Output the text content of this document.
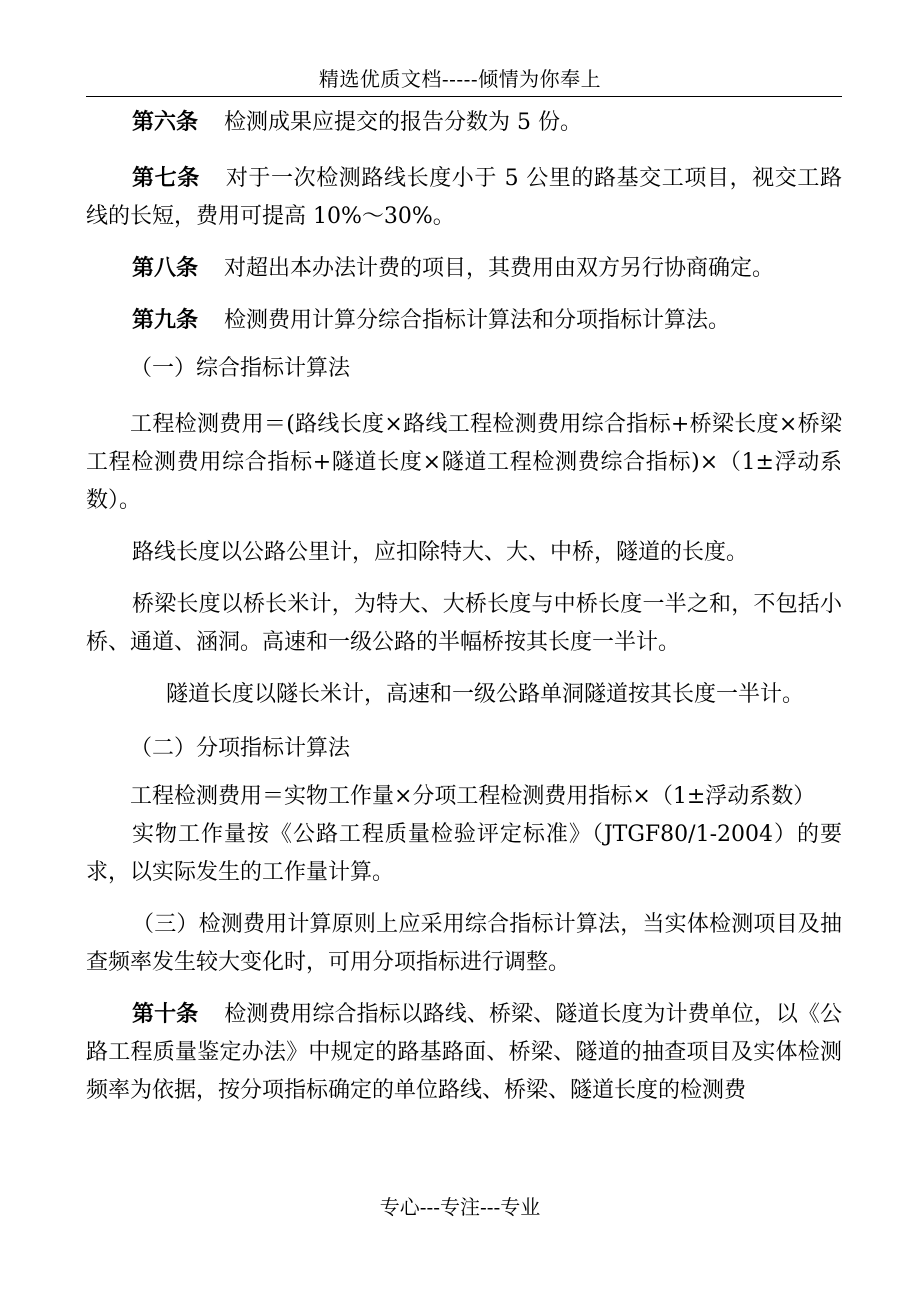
精选优质文档-----倾情为你奉上

第六条 检测成果应提交的报告分数为 5 份。

第七条 对于一次检测路线长度小于 5 公里的路基交工项目，视交工路线的长短，费用可提高 10%～30%。

第八条 对超出本办法计费的项目，其费用由双方另行协商确定。

第九条 检测费用计算分综合指标计算法和分项指标计算法。

（一）综合指标计算法

工程检测费用＝(路线长度×路线工程检测费用综合指标+桥梁长度×桥梁工程检测费用综合指标+隧道长度×隧道工程检测费综合指标)×（1±浮动系数）。

路线长度以公路公里计，应扣除特大、大、中桥，隧道的长度。

桥梁长度以桥长米计，为特大、大桥长度与中桥长度一半之和，不包括小桥、通道、涵洞。高速和一级公路的半幅桥按其长度一半计。

隧道长度以隧长米计，高速和一级公路单洞隧道按其长度一半计。

（二）分项指标计算法

工程检测费用＝实物工作量×分项工程检测费用指标×（1±浮动系数）

实物工作量按《公路工程质量检验评定标准》（JTGF80/1-2004）的要求，以实际发生的工作量计算。

（三）检测费用计算原则上应采用综合指标计算法，当实体检测项目及抽查频率发生较大变化时，可用分项指标进行调整。

第十条 检测费用综合指标以路线、桥梁、隧道长度为计费单位，以《公路工程质量鉴定办法》中规定的路基路面、桥梁、隧道的抽查项目及实体检测频率为依据，按分项指标确定的单位路线、桥梁、隧道长度的检测费

专心---专注---专业
